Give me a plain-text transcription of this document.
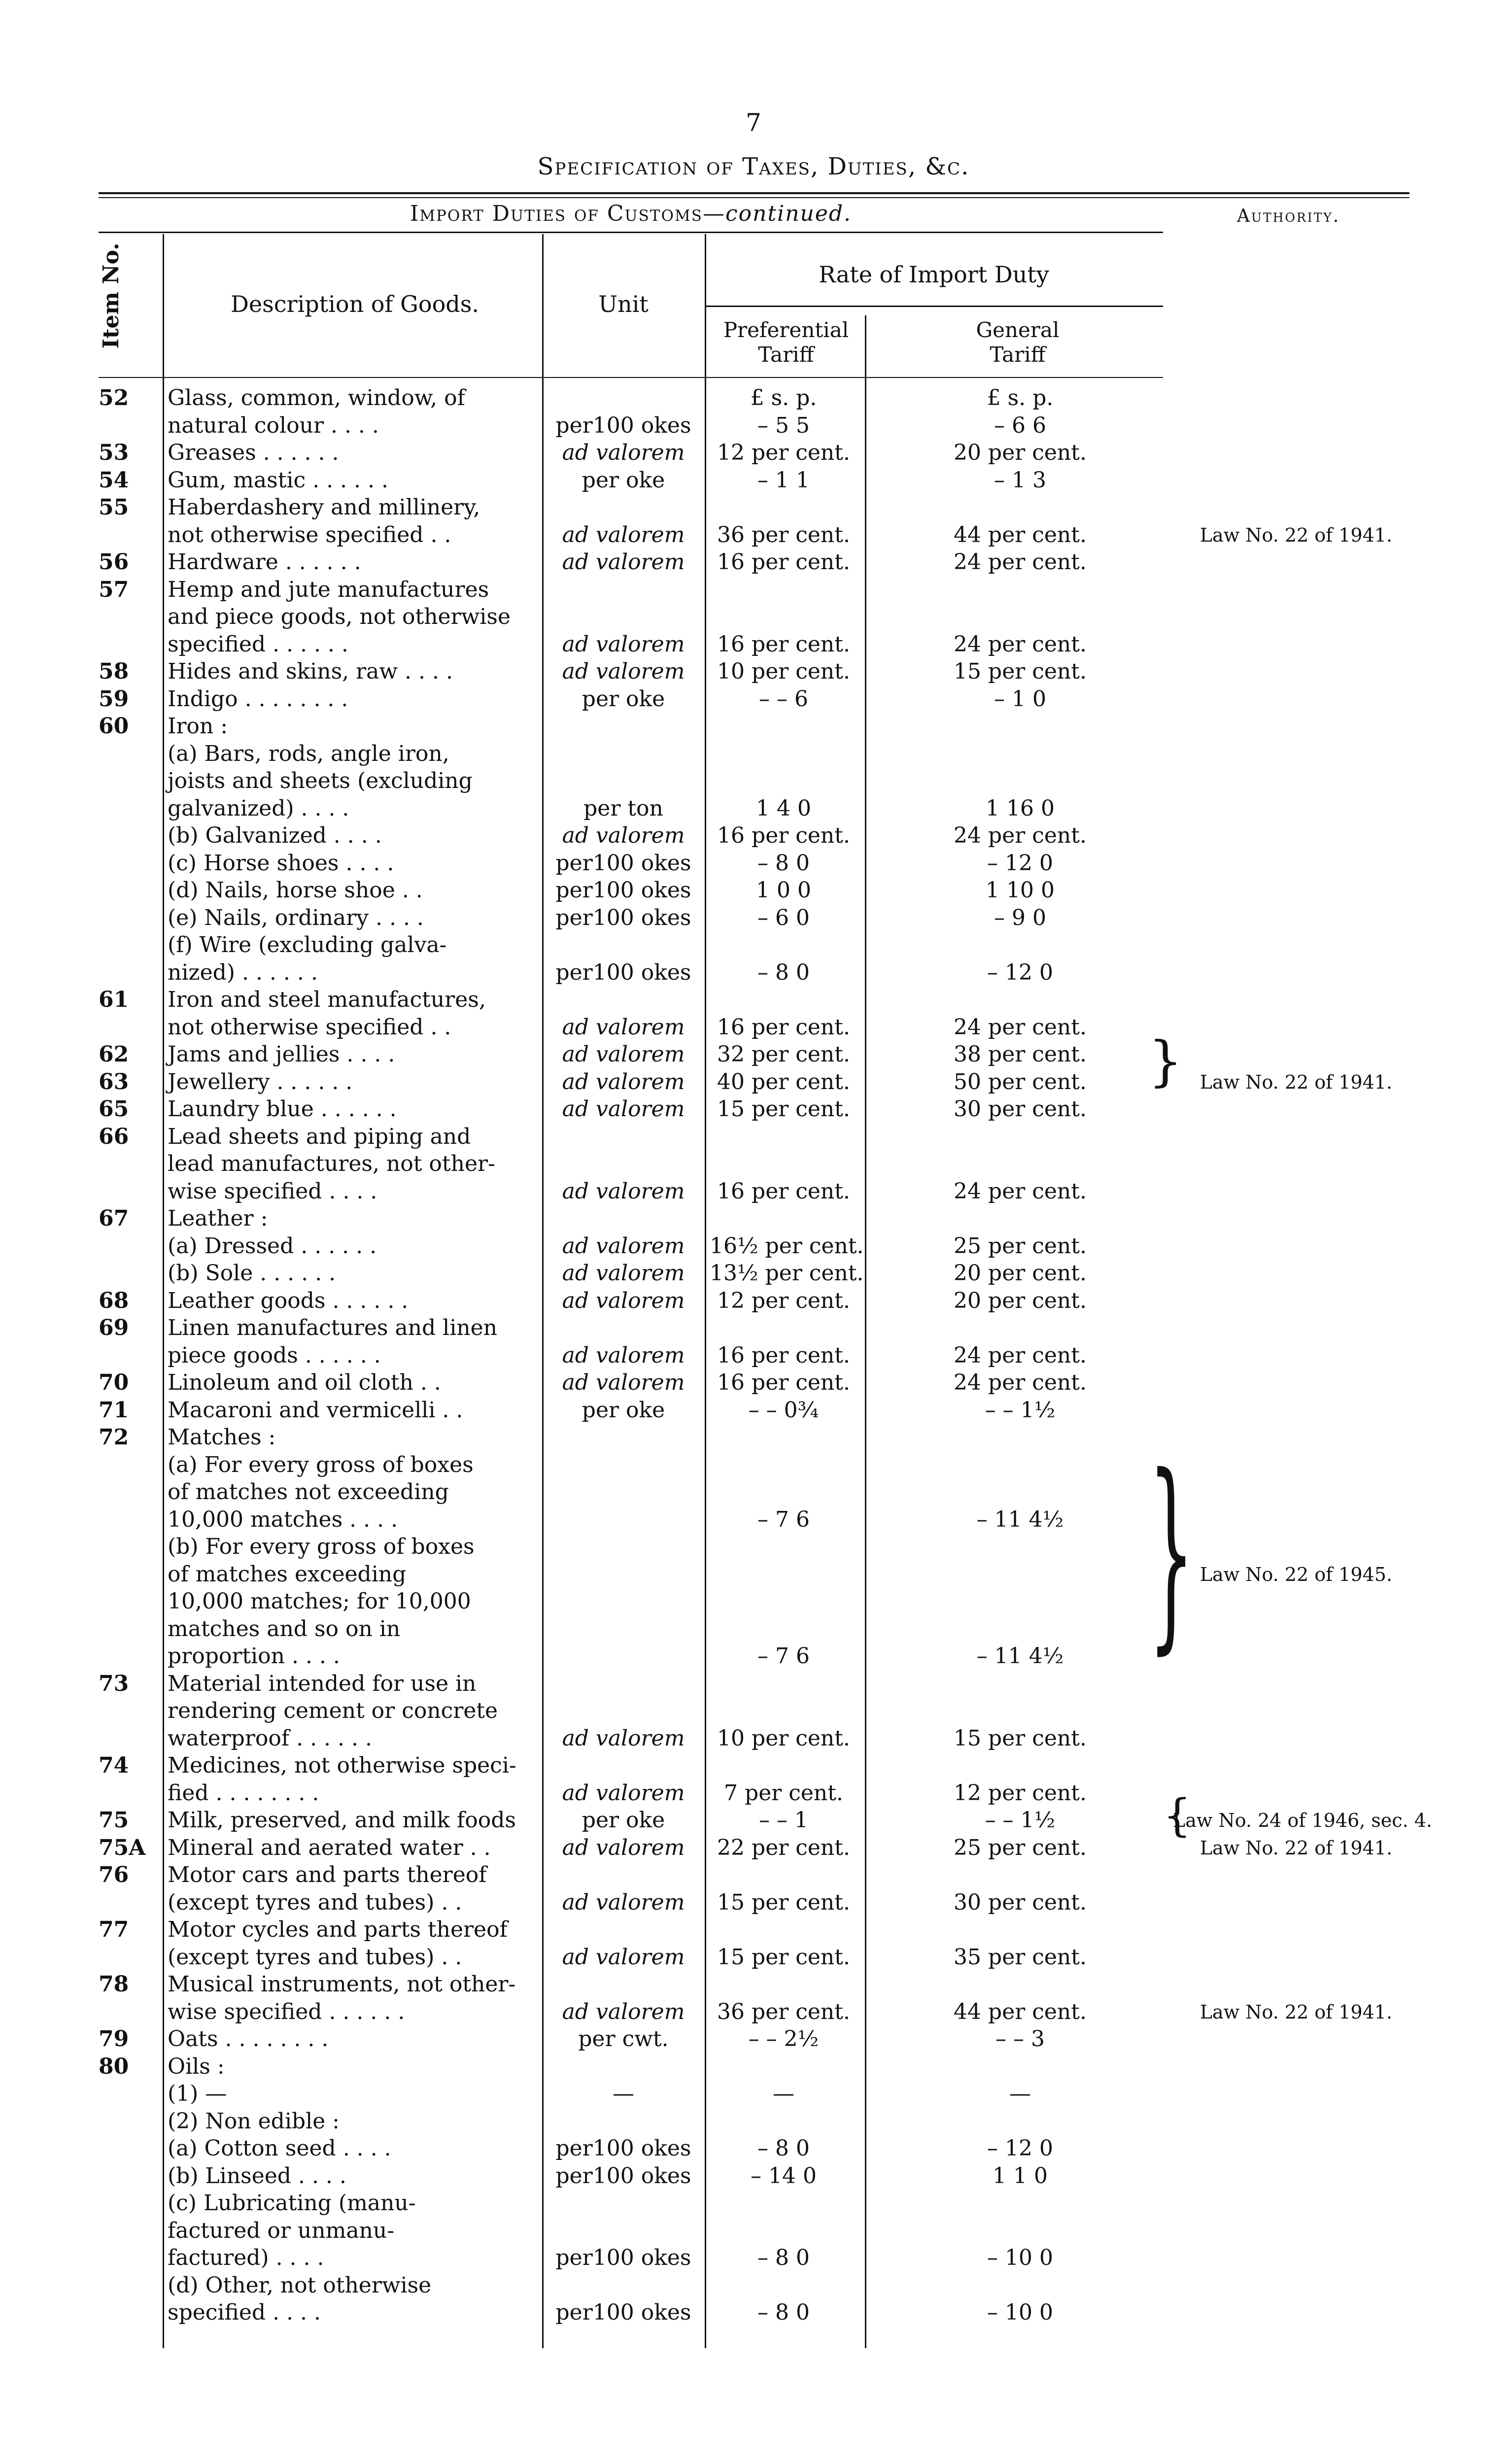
7
Specification of Taxes, Duties, &c.
Import Duties of Customs—continued.	Authority.
Item No.	Description of Goods.	Unit
Rate of Import Duty
Preferential
Tariff
General
Tariff
52	Glass, common, window, of	£ s. p.	£ s. p.
natural colour . . . .	per100 okes	– 5 5	– 6 6
53	Greases . . . . . .	ad valorem	12 per cent.	20 per cent.
54	Gum, mastic . . . . . .	per oke	– 1 1	– 1 3
55	Haberdashery and millinery,
not otherwise specified . .	ad valorem	36 per cent.	44 per cent.	Law No. 22 of 1941.
56	Hardware . . . . . .	ad valorem	16 per cent.	24 per cent.
57	Hemp and jute manufactures
and piece goods, not otherwise
specified . . . . . .	ad valorem	16 per cent.	24 per cent.
58	Hides and skins, raw . . . .	ad valorem	10 per cent.	15 per cent.
59	Indigo . . . . . . . .	per oke	– – 6	– 1 0
60	Iron :
(a) Bars, rods, angle iron,
joists and sheets (excluding
galvanized) . . . .	per ton	1 4 0	1 16 0
(b) Galvanized . . . .	ad valorem	16 per cent.	24 per cent.
(c) Horse shoes . . . .	per100 okes	– 8 0	– 12 0
(d) Nails, horse shoe . .	per100 okes	1 0 0	1 10 0
(e) Nails, ordinary . . . .	per100 okes	– 6 0	– 9 0
(f) Wire (excluding galva-
nized) . . . . . .	per100 okes	– 8 0	– 12 0
61	Iron and steel manufactures,
not otherwise specified . .	ad valorem	16 per cent.	24 per cent.
62	Jams and jellies . . . .	ad valorem	32 per cent.	38 per cent.
63	Jewellery . . . . . .	ad valorem	40 per cent.	50 per cent.	Law No. 22 of 1941.
65	Laundry blue . . . . . .	ad valorem	15 per cent.	30 per cent.
66	Lead sheets and piping and
lead manufactures, not other-
wise specified . . . .	ad valorem	16 per cent.	24 per cent.
67	Leather :
(a) Dressed . . . . . .	ad valorem	16½ per cent.	25 per cent.
(b) Sole . . . . . .	ad valorem	13½ per cent.	20 per cent.
68	Leather goods . . . . . .	ad valorem	12 per cent.	20 per cent.
69	Linen manufactures and linen
piece goods . . . . . .	ad valorem	16 per cent.	24 per cent.
70	Linoleum and oil cloth . .	ad valorem	16 per cent.	24 per cent.
71	Macaroni and vermicelli . .	per oke	– – 0¾	– – 1½
72	Matches :
(a) For every gross of boxes
of matches not exceeding
10,000 matches . . . .	– 7 6	– 11 4½
(b) For every gross of boxes
of matches exceeding	Law No. 22 of 1945.
10,000 matches; for 10,000
matches and so on in
proportion . . . .	– 7 6	– 11 4½
73	Material intended for use in
rendering cement or concrete
waterproof . . . . . .	ad valorem	10 per cent.	15 per cent.
74	Medicines, not otherwise speci-
fied . . . . . . . .	ad valorem	7 per cent.	12 per cent.
75	Milk, preserved, and milk foods	per oke	– – 1	– – 1½	Law No. 24 of 1946, sec. 4.
75A	Mineral and aerated water . .	ad valorem	22 per cent.	25 per cent.	Law No. 22 of 1941.
76	Motor cars and parts thereof
(except tyres and tubes) . .	ad valorem	15 per cent.	30 per cent.
77	Motor cycles and parts thereof
(except tyres and tubes) . .	ad valorem	15 per cent.	35 per cent.
78	Musical instruments, not other-
wise specified . . . . . .	ad valorem	36 per cent.	44 per cent.	Law No. 22 of 1941.
79	Oats . . . . . . . .	per cwt.	– – 2½	– – 3
80	Oils :
(1) —	—	—	—
(2) Non edible :
(a) Cotton seed . . . .	per100 okes	– 8 0	– 12 0
(b) Linseed . . . .	per100 okes	– 14 0	1 1 0
(c) Lubricating (manu-
factured or unmanu-
factured) . . . .	per100 okes	– 8 0	– 10 0
(d) Other, not otherwise
specified . . . .	per100 okes	– 8 0	– 10 0
}
}
{
